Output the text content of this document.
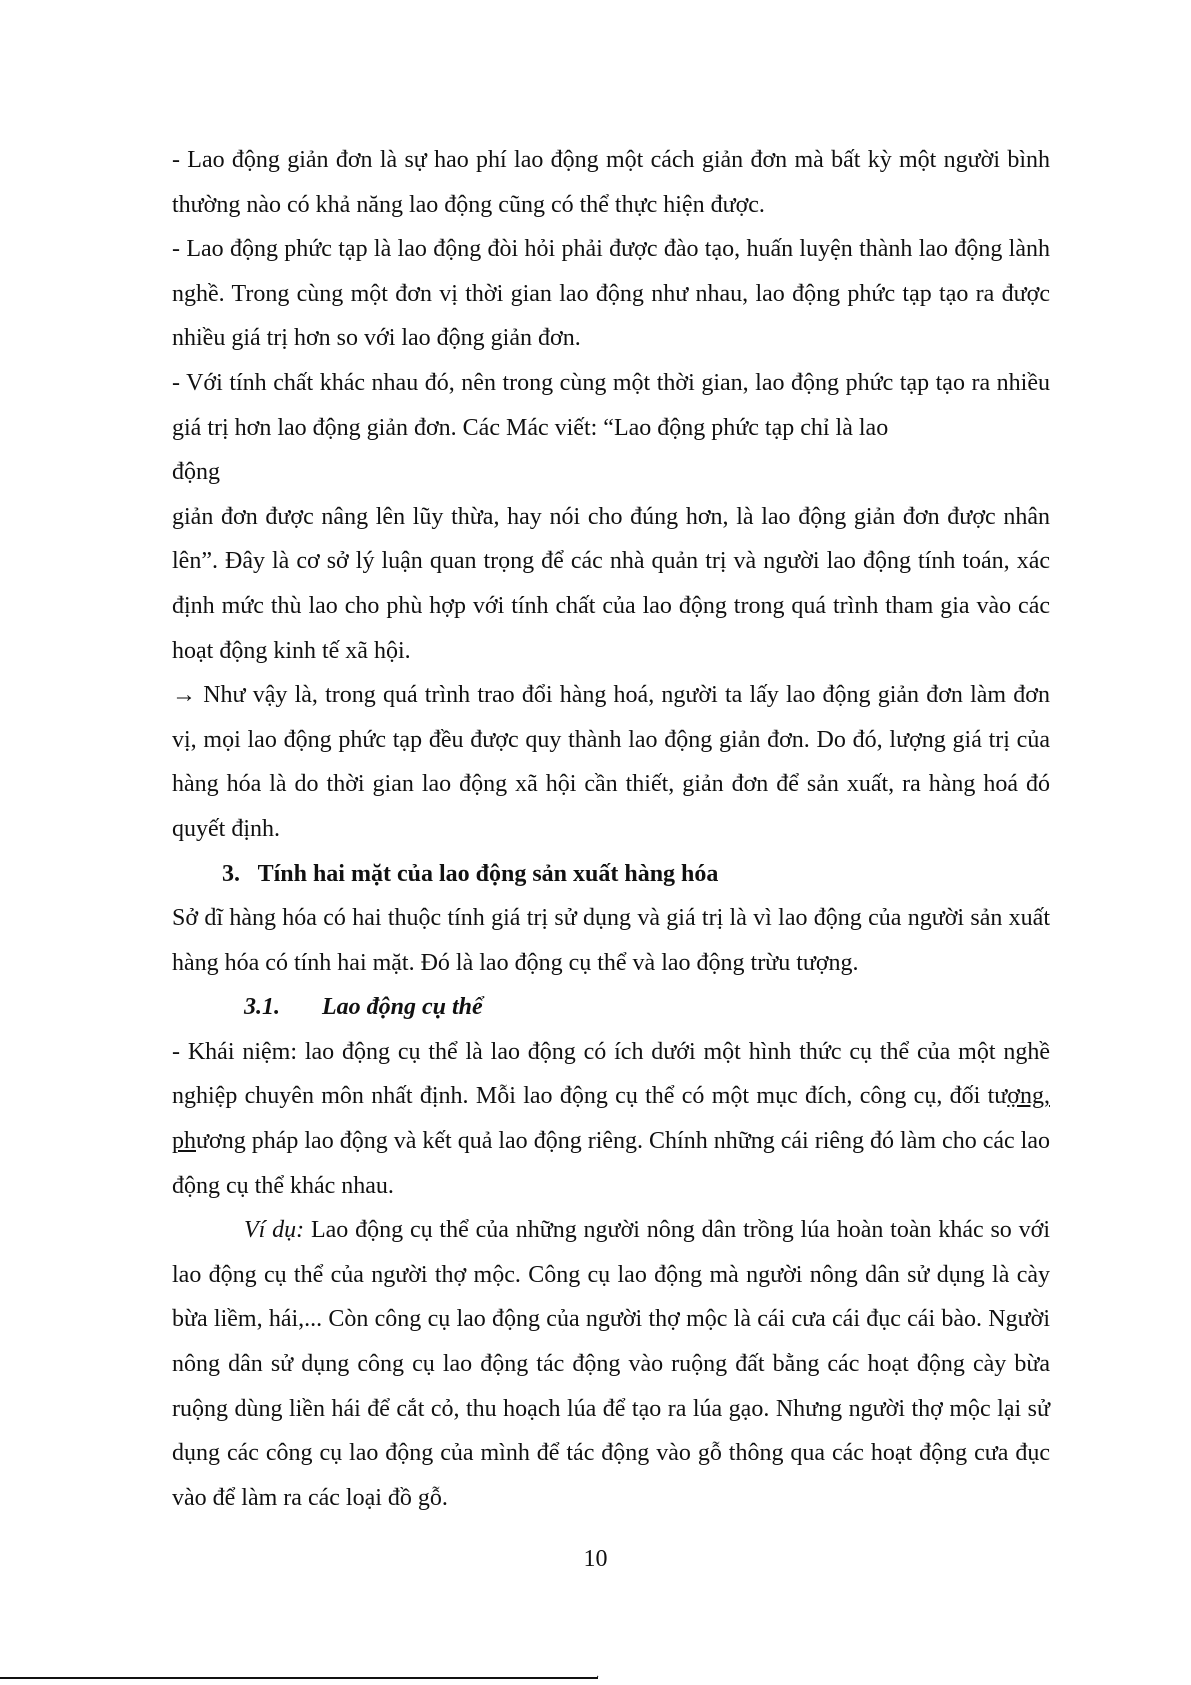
- Lao động giản đơn là sự hao phí lao động một cách giản đơn mà bất kỳ một người bình thường nào có khả năng lao động cũng có thể thực hiện được.

- Lao động phức tạp là lao động đòi hỏi phải được đào tạo, huấn luyện thành lao động lành nghề. Trong cùng một đơn vị thời gian lao động như nhau, lao động phức tạp tạo ra được nhiều giá trị hơn so với lao động giản đơn.

- Với tính chất khác nhau đó, nên trong cùng một thời gian, lao động phức tạp tạo ra nhiều giá trị hơn lao động giản đơn. Các Mác viết: “Lao động phức tạp chỉ là lao

động

giản đơn được nâng lên lũy thừa, hay nói cho đúng hơn, là lao động giản đơn được nhân lên”. Đây là cơ sở lý luận quan trọng để các nhà quản trị và người lao động tính toán, xác định mức thù lao cho phù hợp với tính chất của lao động trong quá trình tham gia vào các hoạt động kinh tế xã hội.

→ Như vậy là, trong quá trình trao đổi hàng hoá, người ta lấy lao động giản đơn làm đơn vị, mọi lao động phức tạp đều được quy thành lao động giản đơn. Do đó, lượng giá trị của hàng hóa là do thời gian lao động xã hội cần thiết, giản đơn để sản xuất, ra hàng hoá đó quyết định.

3. Tính hai mặt của lao động sản xuất hàng hóa

Sở dĩ hàng hóa có hai thuộc tính giá trị sử dụng và giá trị là vì lao động của người sản xuất hàng hóa có tính hai mặt. Đó là lao động cụ thể và lao động trừu tượng.

3.1. Lao động cụ thể

- Khái niệm: lao động cụ thể là lao động có ích dưới một hình thức cụ thể của một nghề nghiệp chuyên môn nhất định. Mỗi lao động cụ thể có một mục đích, công cụ, đối tượng, phương pháp lao động và kết quả lao động riêng. Chính những cái riêng đó làm cho các lao động cụ thể khác nhau.

Ví dụ: Lao động cụ thể của những người nông dân trồng lúa hoàn toàn khác so với lao động cụ thể của người thợ mộc. Công cụ lao động mà người nông dân sử dụng là cày bừa liềm, hái,... Còn công cụ lao động của người thợ mộc là cái cưa cái đục cái bào. Người nông dân sử dụng công cụ lao động tác động vào ruộng đất bằng các hoạt động cày bừa ruộng dùng liền hái để cắt cỏ, thu hoạch lúa để tạo ra lúa gạo. Nhưng người thợ mộc lại sử dụng các công cụ lao động của mình để tác động vào gỗ thông qua các hoạt động cưa đục vào để làm ra các loại đồ gỗ.

10
·
